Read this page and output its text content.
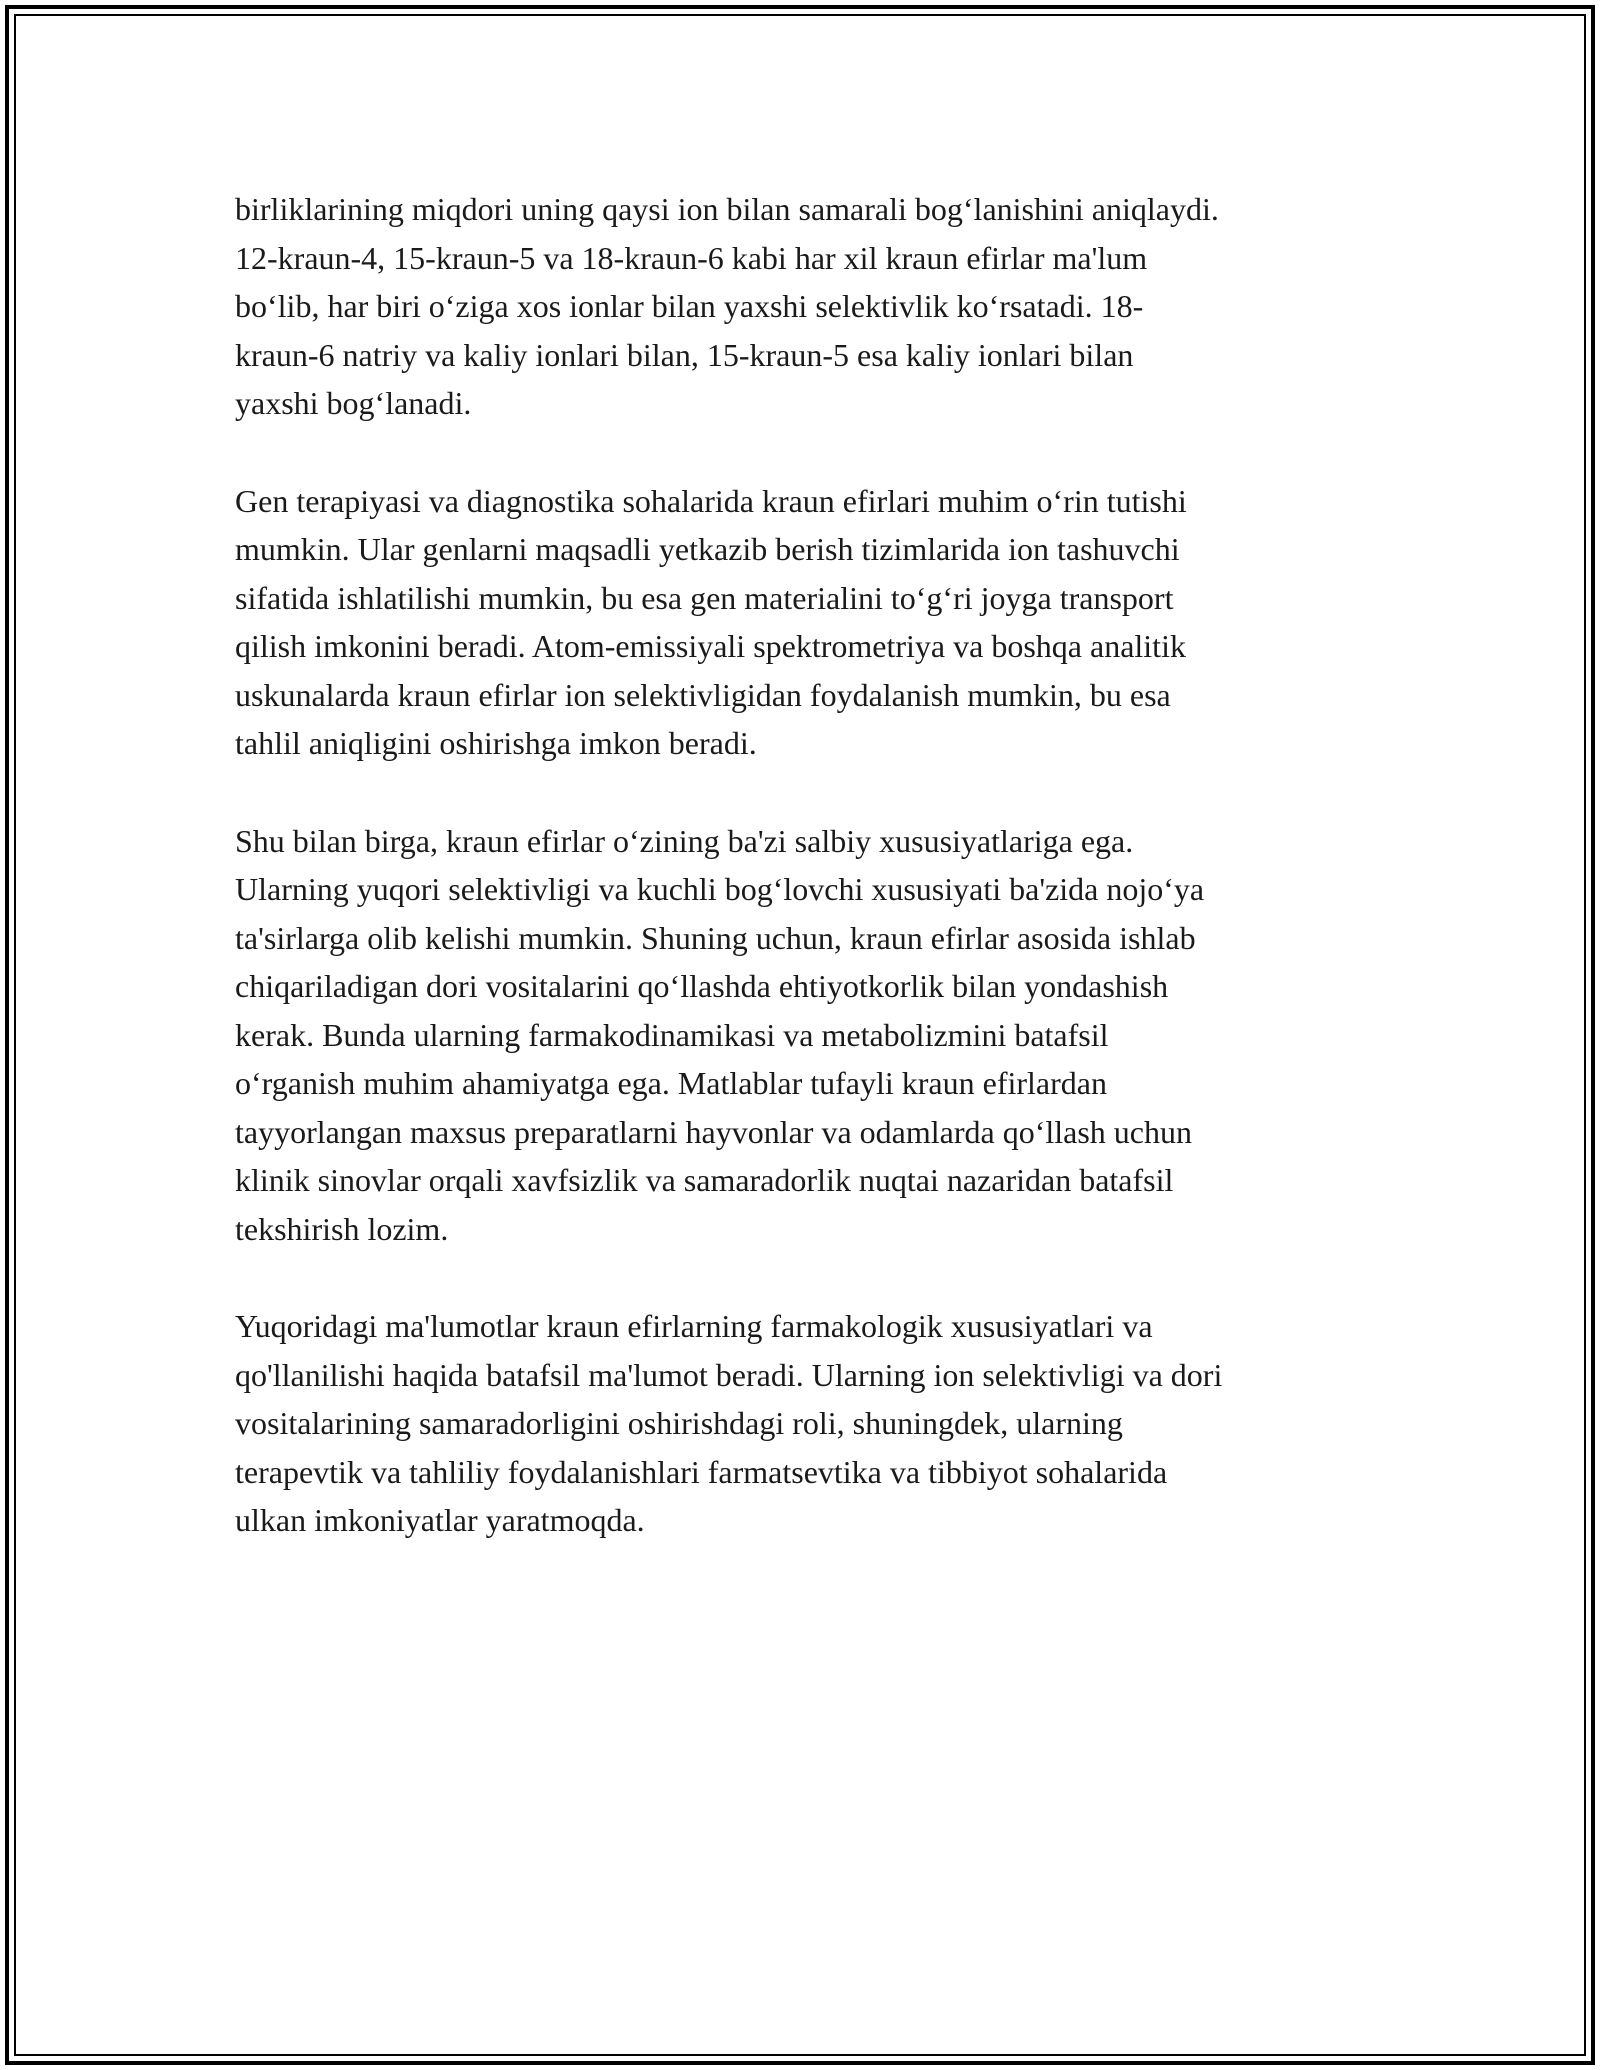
birliklarining miqdori uning qaysi ion bilan samarali bog‘lanishini aniqlaydi.
12-kraun-4, 15-kraun-5 va 18-kraun-6 kabi har xil kraun efirlar ma'lum
bo‘lib, har biri o‘ziga xos ionlar bilan yaxshi selektivlik ko‘rsatadi. 18-
kraun-6 natriy va kaliy ionlari bilan, 15-kraun-5 esa kaliy ionlari bilan
yaxshi bog‘lanadi.

Gen terapiyasi va diagnostika sohalarida kraun efirlari muhim o‘rin tutishi
mumkin. Ular genlarni maqsadli yetkazib berish tizimlarida ion tashuvchi
sifatida ishlatilishi mumkin, bu esa gen materialini to‘g‘ri joyga transport
qilish imkonini beradi. Atom-emissiyali spektrometriya va boshqa analitik
uskunalarda kraun efirlar ion selektivligidan foydalanish mumkin, bu esa
tahlil aniqligini oshirishga imkon beradi.

Shu bilan birga, kraun efirlar o‘zining ba'zi salbiy xususiyatlariga ega.
Ularning yuqori selektivligi va kuchli bog‘lovchi xususiyati ba'zida nojo‘ya
ta'sirlarga olib kelishi mumkin. Shuning uchun, kraun efirlar asosida ishlab
chiqariladigan dori vositalarini qo‘llashda ehtiyotkorlik bilan yondashish
kerak. Bunda ularning farmakodinamikasi va metabolizmini batafsil
o‘rganish muhim ahamiyatga ega. Matlablar tufayli kraun efirlardan
tayyorlangan maxsus preparatlarni hayvonlar va odamlarda qo‘llash uchun
klinik sinovlar orqali xavfsizlik va samaradorlik nuqtai nazaridan batafsil
tekshirish lozim.

Yuqoridagi ma'lumotlar kraun efirlarning farmakologik xususiyatlari va
qo'llanilishi haqida batafsil ma'lumot beradi. Ularning ion selektivligi va dori
vositalarining samaradorligini oshirishdagi roli, shuningdek, ularning
terapevtik va tahliliy foydalanishlari farmatsevtika va tibbiyot sohalarida
ulkan imkoniyatlar yaratmoqda.
